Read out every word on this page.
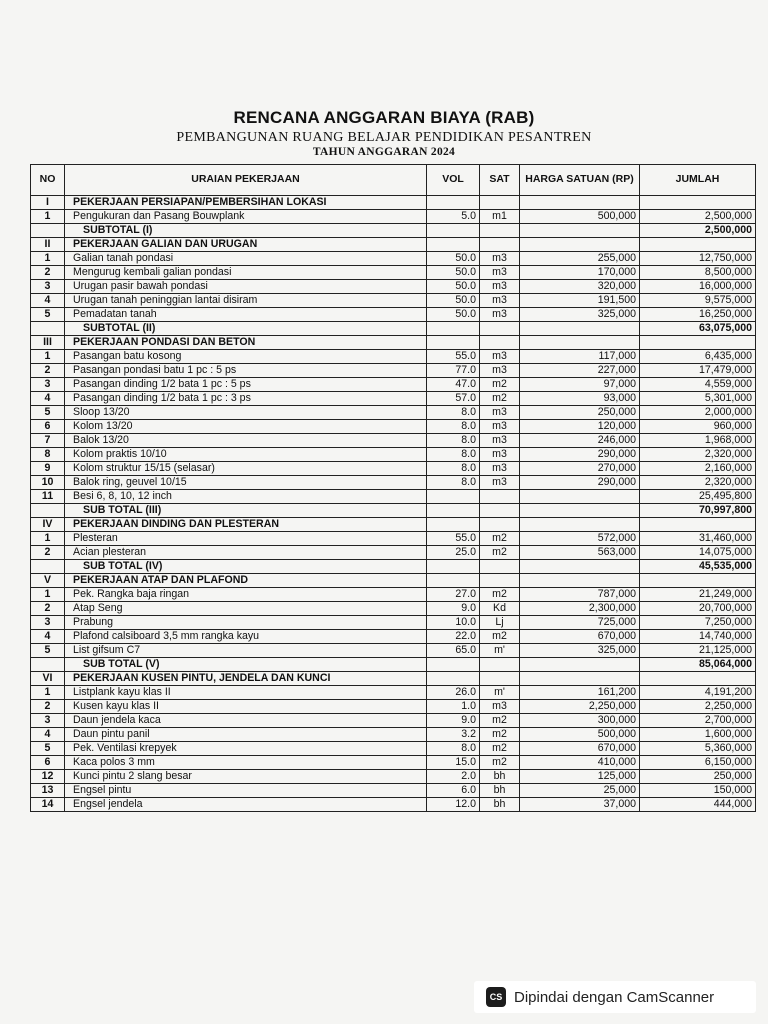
RENCANA ANGGARAN BIAYA (RAB)
PEMBANGUNAN RUANG BELAJAR PENDIDIKAN PESANTREN
TAHUN ANGGARAN 2024
NO	URAIAN PEKERJAAN	VOL	SAT	HARGA SATUAN (RP)	JUMLAH
I	PEKERJAAN PERSIAPAN/PEMBERSIHAN LOKASI				
1	Pengukuran dan Pasang Bouwplank	5.0	m1	500,000	2,500,000
	SUBTOTAL (I)				2,500,000
II	PEKERJAAN GALIAN DAN URUGAN				
1	Galian tanah pondasi	50.0	m3	255,000	12,750,000
2	Mengurug kembali galian pondasi	50.0	m3	170,000	8,500,000
3	Urugan pasir bawah pondasi	50.0	m3	320,000	16,000,000
4	Urugan tanah peninggian lantai disiram	50.0	m3	191,500	9,575,000
5	Pemadatan tanah	50.0	m3	325,000	16,250,000
	SUBTOTAL (II)				63,075,000
III	PEKERJAAN PONDASI DAN BETON				
1	Pasangan batu kosong	55.0	m3	117,000	6,435,000
2	Pasangan pondasi batu 1 pc : 5 ps	77.0	m3	227,000	17,479,000
3	Pasangan dinding 1/2 bata 1 pc : 5 ps	47.0	m2	97,000	4,559,000
4	Pasangan dinding 1/2 bata 1 pc : 3 ps	57.0	m2	93,000	5,301,000
5	Sloop 13/20	8.0	m3	250,000	2,000,000
6	Kolom 13/20	8.0	m3	120,000	960,000
7	Balok 13/20	8.0	m3	246,000	1,968,000
8	Kolom praktis 10/10	8.0	m3	290,000	2,320,000
9	Kolom struktur 15/15 (selasar)	8.0	m3	270,000	2,160,000
10	Balok ring, geuvel 10/15	8.0	m3	290,000	2,320,000
11	Besi 6, 8, 10, 12 inch				25,495,800
	SUB TOTAL (III)				70,997,800
IV	PEKERJAAN DINDING DAN PLESTERAN				
1	Plesteran	55.0	m2	572,000	31,460,000
2	Acian plesteran	25.0	m2	563,000	14,075,000
	SUB TOTAL (IV)				45,535,000
V	PEKERJAAN ATAP DAN PLAFOND				
1	Pek. Rangka baja ringan	27.0	m2	787,000	21,249,000
2	Atap Seng	9.0	Kd	2,300,000	20,700,000
3	Prabung	10.0	Lj	725,000	7,250,000
4	Plafond calsiboard 3,5 mm rangka kayu	22.0	m2	670,000	14,740,000
5	List gifsum C7	65.0	m'	325,000	21,125,000
	SUB TOTAL (V)				85,064,000
VI	PEKERJAAN KUSEN PINTU, JENDELA DAN KUNCI				
1	Listplank kayu klas II	26.0	m'	161,200	4,191,200
2	Kusen kayu klas II	1.0	m3	2,250,000	2,250,000
3	Daun jendela kaca	9.0	m2	300,000	2,700,000
4	Daun pintu panil	3.2	m2	500,000	1,600,000
5	Pek. Ventilasi krepyek	8.0	m2	670,000	5,360,000
6	Kaca polos 3 mm	15.0	m2	410,000	6,150,000
12	Kunci pintu 2 slang besar	2.0	bh	125,000	250,000
13	Engsel pintu	6.0	bh	25,000	150,000
14	Engsel jendela	12.0	bh	37,000	444,000
CS Dipindai dengan CamScanner
